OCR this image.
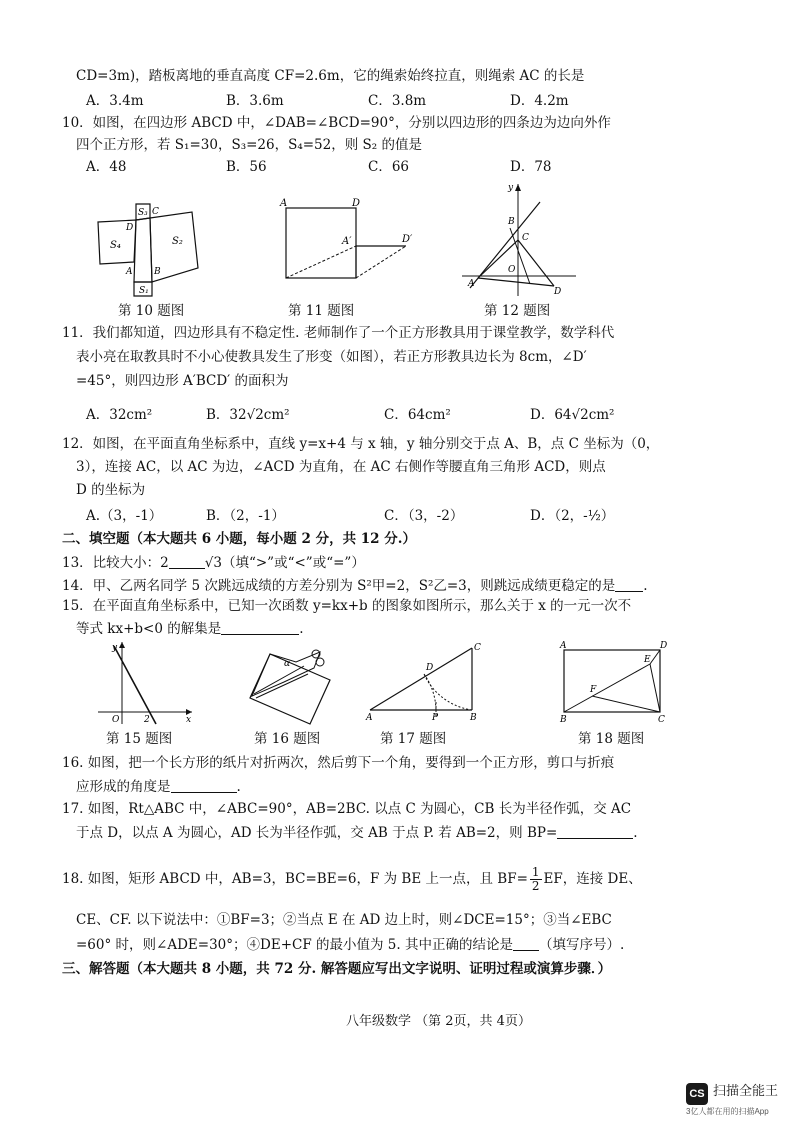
CD=3m)，踏板离地的垂直高度 CF=2.6m，它的绳索始终拉直，则绳索 AC 的长是
A．3.4m	B．3.6m	C．3.8m	D．4.2m
10．如图，在四边形 ABCD 中，∠DAB=∠BCD=90°，分别以四边形的四条边为边向外作
四个正方形，若 S₁=30，S₃=26，S₄=52，则 S₂ 的值是
A．48	B．56	C．66	D．78
S₃ C
D
S₂
S₄
A B
S₁
第 10 题图
A	D
A′	D′
第 11 题图
y
B
C
O
A
D
第 12 题图
11．我们都知道，四边形具有不稳定性. 老师制作了一个正方形教具用于课堂教学，数学科代
表小亮在取教具时不小心使教具发生了形变（如图），若正方形教具边长为 8cm，∠D′
=45°，则四边形 A′BCD′ 的面积为
A．32cm²	B．32√2cm²	C．64cm²	D．64√2cm²
12．如图，在平面直角坐标系中，直线 y=x+4 与 x 轴，y 轴分别交于点 A、B，点 C 坐标为（0，
3），连接 AC，以 AC 为边，∠ACD 为直角，在 AC 右侧作等腰直角三角形 ACD，则点
D 的坐标为
A.（3，-1）	B．（2，-1）	C．（3，-2）	D．（2，-½）
二、填空题（本大题共 6 小题，每小题 2 分，共 12 分.）
13．比较大小：2	√3（填“>”或“<”或“=”）
14．甲、乙两名同学 5 次跳远成绩的方差分别为 S²甲=2，S²乙=3，则跳远成绩更稳定的是 .
15．在平面直角坐标系中，已知一次函数 y=kx+b 的图象如图所示，那么关于 x 的一元一次不
等式 kx+b<0 的解集是	.
y
O	2	x
第 15 题图
α
第 16 题图
C
D
A	P	B
第 17 题图
A	D
E
F
B	C
第 18 题图
16. 如图，把一个长方形的纸片对折两次，然后剪下一个角，要得到一个正方形，剪口与折痕
应形成的角度是	.
17. 如图，Rt△ABC 中，∠ABC=90°，AB=2BC. 以点 C 为圆心，CB 长为半径作弧，交 AC
于点 D，以点 A 为圆心，AD 长为半径作弧，交 AB 于点 P. 若 AB=2，则 BP=	.
18. 如图，矩形 ABCD 中，AB=3，BC=BE=6，F 为 BE 上一点，且 $BF= \frac{1}{2}$ EF，连接 DE、
CE、CF. 以下说法中：①BF=3；②当点 E 在 AD 边上时，则∠DCE=15°；③当∠EBC
=60° 时，则∠ADE=30°；④DE+CF 的最小值为 5. 其中正确的结论是 （填写序号）.
三、解答题（本大题共 8 小题，共 72 分. 解答题应写出文字说明、证明过程或演算步骤．）
八年级数学 （第 2页，共 4页）
CS 扫描全能王
3亿人都在用的扫描App
